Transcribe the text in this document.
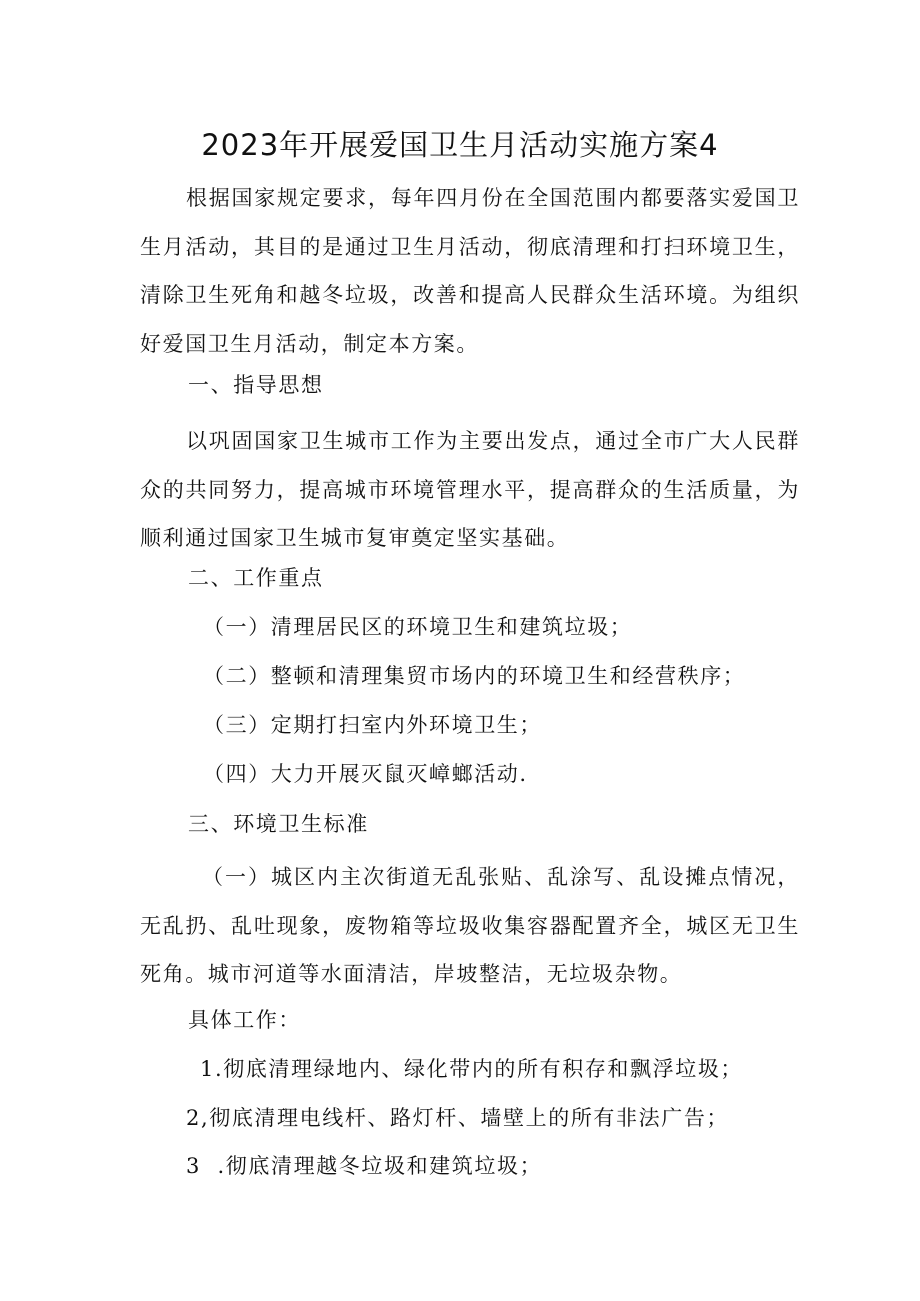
2023年开展爱国卫生月活动实施方案4
根据国家规定要求，每年四月份在全国范围内都要落实爱国卫生月活动，其目的是通过卫生月活动，彻底清理和打扫环境卫生，清除卫生死角和越冬垃圾，改善和提高人民群众生活环境。为组织好爱国卫生月活动，制定本方案。
一、指导思想
以巩固国家卫生城市工作为主要出发点，通过全市广大人民群众的共同努力，提高城市环境管理水平，提高群众的生活质量，为顺利通过国家卫生城市复审奠定坚实基础。
二、工作重点
（一）清理居民区的环境卫生和建筑垃圾；
（二）整顿和清理集贸市场内的环境卫生和经营秩序；
（三）定期打扫室内外环境卫生；
（四）大力开展灭鼠灭嶂螂活动.
三、环境卫生标准
（一）城区内主次街道无乱张贴、乱涂写、乱设摊点情况，无乱扔、乱吐现象，废物箱等垃圾收集容器配置齐全，城区无卫生死角。城市河道等水面清洁，岸坡整洁，无垃圾杂物。
具体工作：
1.彻底清理绿地内、绿化带内的所有积存和飘浮垃圾；
2,彻底清理电线杆、路灯杆、墙壁上的所有非法广告；
3  .彻底清理越冬垃圾和建筑垃圾；
